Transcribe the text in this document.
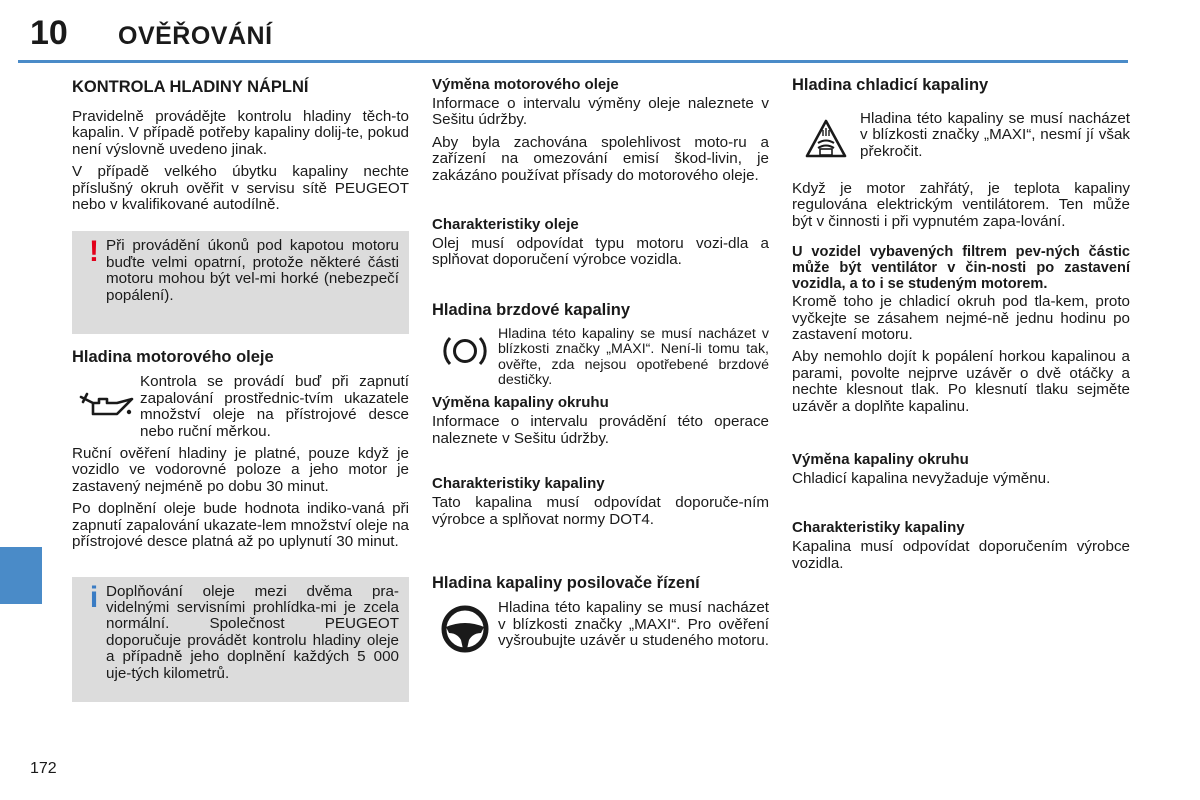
10 OVĚŘOVÁNÍ
172
KONTROLA HLADINY NÁPLNÍ
Pravidelně provádějte kontrolu hladiny těch-to kapalin. V případě potřeby kapaliny dolij-te, pokud není výslovně uvedeno jinak.
V případě velkého úbytku kapaliny nechte příslušný okruh ověřit v servisu sítě PEUGEOT nebo v kvalifikované autodílně.
! Při provádění úkonů pod kapotou motoru buďte velmi opatrní, protože některé části motoru mohou být vel-mi horké (nebezpečí popálení).
Hladina motorového oleje
Kontrola se provádí buď při zapnutí zapalování prostřednic-tvím ukazatele množství oleje na přístrojové desce nebo ruční měrkou.
Ruční ověření hladiny je platné, pouze když je vozidlo ve vodorovné poloze a jeho motor je zastavený nejméně po dobu 30 minut.
Po doplnění oleje bude hodnota indiko-vaná při zapnutí zapalování ukazate-lem množství oleje na přístrojové desce platná až po uplynutí 30 minut.
i Doplňování oleje mezi dvěma pra-videlnými servisními prohlídka-mi je zcela normální. Společnost PEUGEOT doporučuje provádět kontrolu hladiny oleje a případně jeho doplnění každých 5 000 uje-tých kilometrů.
Výměna motorového oleje
Informace o intervalu výměny oleje naleznete v Sešitu údržby.
Aby byla zachována spolehlivost moto-ru a zařízení na omezování emisí škod-livin, je zakázáno používat přísady do motorového oleje.
Charakteristiky oleje
Olej musí odpovídat typu motoru vozi-dla a splňovat doporučení výrobce vozidla.
Hladina brzdové kapaliny
Hladina této kapaliny se musí nacházet v blízkosti značky „MAXI“. Není-li tomu tak, ověřte, zda nejsou opotřebené brzdové destičky.
Výměna kapaliny okruhu
Informace o intervalu provádění této operace naleznete v Sešitu údržby.
Charakteristiky kapaliny
Tato kapalina musí odpovídat doporuče-ním výrobce a splňovat normy DOT4.
Hladina kapaliny posilovače řízení
Hladina této kapaliny se musí nacházet v blízkosti značky „MAXI“. Pro ověření vyšroubujte uzávěr u studeného motoru.
Hladina chladicí kapaliny
Hladina této kapaliny se musí nacházet v blízkosti značky „MAXI“, nesmí jí však překročit.
Když je motor zahřátý, je teplota kapaliny regulována elektrickým ventilátorem. Ten může být v činnosti i při vypnutém zapa-lování.
U vozidel vybavených filtrem pev-ných částic může být ventilátor v čin-nosti po zastavení vozidla, a to i se studeným motorem.
Kromě toho je chladicí okruh pod tla-kem, proto vyčkejte se zásahem nejmé-ně jednu hodinu po zastavení motoru.
Aby nemohlo dojít k popálení horkou kapalinou a parami, povolte nejprve uzávěr o dvě otáčky a nechte klesnout tlak. Po klesnutí tlaku sejměte uzávěr a doplňte kapalinu.
Výměna kapaliny okruhu
Chladicí kapalina nevyžaduje výměnu.
Charakteristiky kapaliny
Kapalina musí odpovídat doporučením výrobce vozidla.
